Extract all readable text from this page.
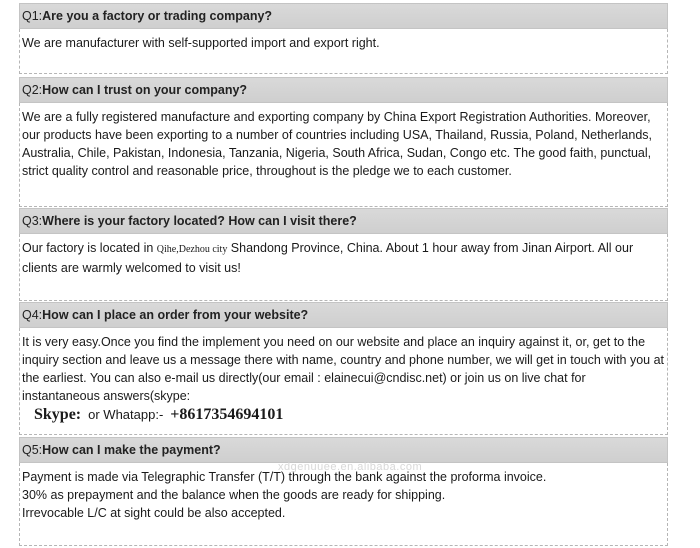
Q1: Are you a factory or trading company?

We are manufacturer with self-supported import and export right.

Q2: How can I trust on your company?

We are a fully registered manufacture and exporting company by China Export Registration Authorities. Moreover, our products have been exporting to a number of countries including USA, Thailand, Russia, Poland, Netherlands, Australia, Chile, Pakistan, Indonesia, Tanzania, Nigeria, South Africa, Sudan, Congo etc. The good faith, punctual, strict quality control and reasonable price, throughout is the pledge we to each customer.

Q3: Where is your factory located? How can I visit there?

Our factory is located in Qihe,Dezhou city Shandong Province, China. About 1 hour away from Jinan Airport. All our clients are warmly welcomed to visit us!

Q4: How can I place an order from your website?

It is very easy.Once you find the implement you need on our website and place an inquiry against it, or, get to the inquiry section and leave us a message there with name, country and phone number, we will get in touch with you at the earliest. You can also e-mail us directly(our email : elainecui@cndisc.net) or join us on live chat for instantaneous answers(skype:

Skype: or Whatapp:- +8617354694101
Q5: How can I make the payment?

Payment is made via Telegraphic Transfer (T/T) through the bank against the proforma invoice.

30% as prepayment and the balance when the goods are ready for shipping.

Irrevocable L/C at sight could be also accepted.

xdgenuuee.en.alibaba.com
